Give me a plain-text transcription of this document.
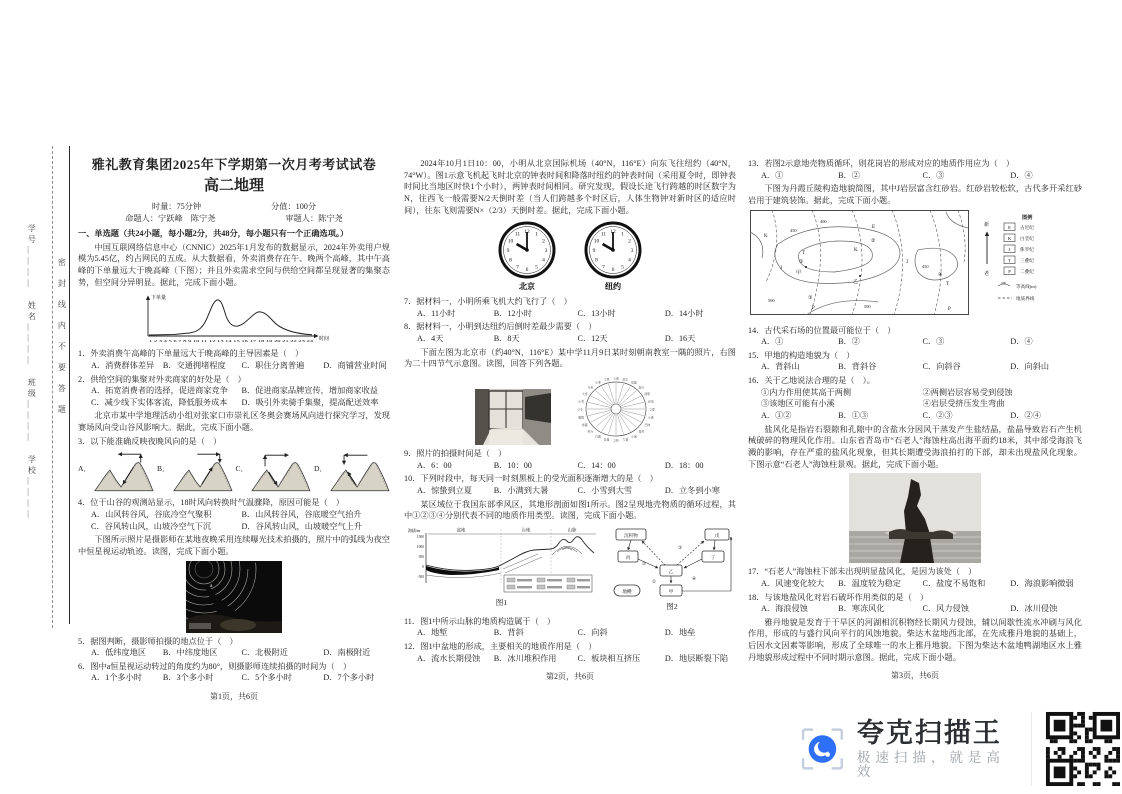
学号＿＿＿＿　姓名＿＿＿＿　班级＿＿＿＿　学校＿＿＿＿	密封线内不要答题
雅礼教育集团2025年下学期第一次月考考试试卷
高二地理
时量：75分钟	分值：100分
命题人：宁跃峰　陈宁尧	审题人：陈宁尧
一、单选题（共24小题，每小题2分，共48分，每小题只有一个正确选项。）

中国互联网络信息中心（CNNIC）2025年1月发布的数据显示，2024年外卖用户规模为5.45亿，约占网民的五成。从大数据看，外卖消费存在午、晚两个高峰，其中午高峰的下单量远大于晚高峰（下图）；并且外卖需求空间与供给空间都呈现显著的集聚态势，但空间分异明显。据此，完成下面小题。

下单量
时间
1 2 3 4 5 6 7 8 9 10 11 12 13 14 15 16 17 18 19 20 21 22 23 24
1．外卖消费午高峰的下单量远大于晚高峰的主导因素是（　）
A．消费群体差异	B．交通拥堵程度	C．职住分离普遍	D．商铺营业时间
2．供给空间的集聚对外卖商家的好处是（　）
A．拓宽消费者的选择，促进商家竞争	B．促进商家品牌宣传，增加商家收益
C．减少线下实体客流，降低服务成本	D．吸引外卖骑手集聚，提高配送效率

北京市某中学地理活动小组对张家口市崇礼区冬奥会赛场风向进行探究学习，发现赛场风向受山谷风影响大。据此，完成下面小题。

3．以下能准确反映夜晚风向的是（　）
A．	B．	C．	D．
4．位于山谷的观测站显示，18时风向转换时气温骤降，原因可能是（　）
A．山风转谷风，谷底冷空气聚积	B．山风转谷风，谷底暖空气抬升
C．谷风转山风，山坡冷空气下沉	D．谷风转山风，山坡暖空气上升

下图所示照片是摄影师在某地夜晚采用连续曝光技术拍摄的，照片中的弧线为夜空中恒星视运动轨迹。读图，完成下面小题。

a
5．据图判断，摄影师拍摄的地点位于（　）
A．低纬度地区	B．中纬度地区	C．北极附近	D．南极附近
6．图中a恒星视运动转过的角度约为80°，则摄影师连续拍摄的时间为（　）
A．1个多小时	B．3个多小时	C．5个多小时	D．7个多小时
第1页，共6页

2024年10月1日10：00，小明从北京国际机场（40°N，116°E）向东飞往纽约（40°N，74°W）。图1示意飞机起飞时北京的钟表时间和降落时纽约的钟表时间（采用夏令时，即钟表时间比当地区时快1个小时），两钟表时间相同。研究发现，假设长途飞行跨越的时区数字为N，往西飞一般需要N/2天倒时差（当人们跨越多个时区后，人体生物钟对新时区的适应时间），往东飞则需要N×（2/3）天倒时差。据此，完成下面小题。

12 1
2
3
4
5
6
7
8
9
10
11
北京
12 1
2
3
4
5
6
7
8
9
10
11
纽约
7．据材料一，小明所乘飞机大约飞行了（　）
A．11小时	B．12小时	C．13小时	D．14小时
8．据材料一，小明到达纽约后倒时差最少需要（　）
A．4天	B．8天	C．12天	D．16天

下面左图为北京市（约40°N，116°E）某中学11月9日某时刻朝南教室一隅的照片，右图为二十四节气示意图。读图，回答下列各题。

立春 雨水
惊蛰
春分
清明
谷雨
立夏
小满
芒种
夏至
小暑
大暑
立秋
处暑
白露
秋分
寒露
霜降
立冬
小雪
大雪
冬至
小寒
大寒
9．照片的拍摄时间是（　）
A．6：00	B．10：00	C．14：00	D．18：00
10．下列时段中，每天同一时刻黑板上的受光面积逐渐增大的是（　）
A．惊蛰到立夏	B．小满到大暑	C．小雪到大雪	D．立冬到小寒

某区域位于我国东部季风区，其地形剖面如图1所示。图2呈现地壳物质的循环过程，其中①②③④分别代表不同的地质作用类型。读图，完成下面小题。

海拔/m
1500
1000
500
0
-500
盆地	台地	山脉
图1
沉积物	戊
丙	丁
乙
甲
地幔
①
②
③
④
图2
11．图1中所示山脉的地质构造属于（　）
A．地堑	B．背斜	C．向斜	D．地垒
12．图1中盆地的形成，主要相关的地质作用是（　）
A．流水长期侵蚀	B．冰川堆积作用	C．板块相互挤压	D．地层断裂下陷
第2页，共6页
13．若图2示意地壳物质循环，则花岗岩的形成对应的地质作用应为（　）
A．①	B．②	C．③	D．④

下图为丹霞丘陵构造地貌简图，其中J岩层富含红砂岩。红砂岩较松软，古代多开采红砂岩用于建筑装饰。据此，完成下面小题。

400
450
450
500
500
K
J
T
E
K
J
T
P	P
①
②
③
④
甲
乙
新
老
图例
E
K
J
T
P
古近纪
白垩纪
侏罗纪
三叠纪
二叠纪
500
等高线(m)
地质界线
14．古代采石场的位置最可能位于（　）
A．①	B．②	C．③	D．④
15．甲地的构造地貌为（　）
A．背斜山	B．背斜谷	C．向斜谷	D．向斜山
16．关于乙地说法合理的是（　）。
①内力作用使其高于两侧	②两侧岩层容易受到侵蚀
③该地区可能有小溪	④岩层受挤压发生弯曲
A．①②	B．①③	C．②③	D．②④

盐风化是指岩石裂隙和孔隙中的含盐水分因风干蒸发产生盐结晶，盐晶导致岩石产生机械破碎的物理风化作用。山东省青岛市“石老人”海蚀柱高出海平面约18米，其中部受海浪飞溅的影响，存在严重的盐风化现象，但其长期遭受海浪拍打的下部，却未出现盐风化现象。下图示意“石老人”海蚀柱景观。据此，完成下面小题。

17．“石老人”海蚀柱下部未出现明显盐风化，是因为该处（　）
A．风速变化较大	B．温度较为稳定	C．盐度不易饱和	D．海浪影响微弱
18．与该地盐风化对岩石破坏作用类似的是（　）
A．海浪侵蚀	B．寒冻风化	C．风力侵蚀	D．冰川侵蚀

雅丹地貌是发育于干旱区的河湖相沉积物经长期风力侵蚀，辅以间歇性流水冲刷与风化作用，形成的与盛行风向平行的风蚀地貌。柴达木盆地西北部，在先成雅丹地貌的基础上，后因水文因素等影响，形成了全球唯一的水上雅丹地貌。下图为柴达木盆地鸭湖地区水上雅丹地貌形成过程中不同时期示意图。据此，完成下面小题。

第3页，共6页
夸克扫描王
极速扫描，就是高效
